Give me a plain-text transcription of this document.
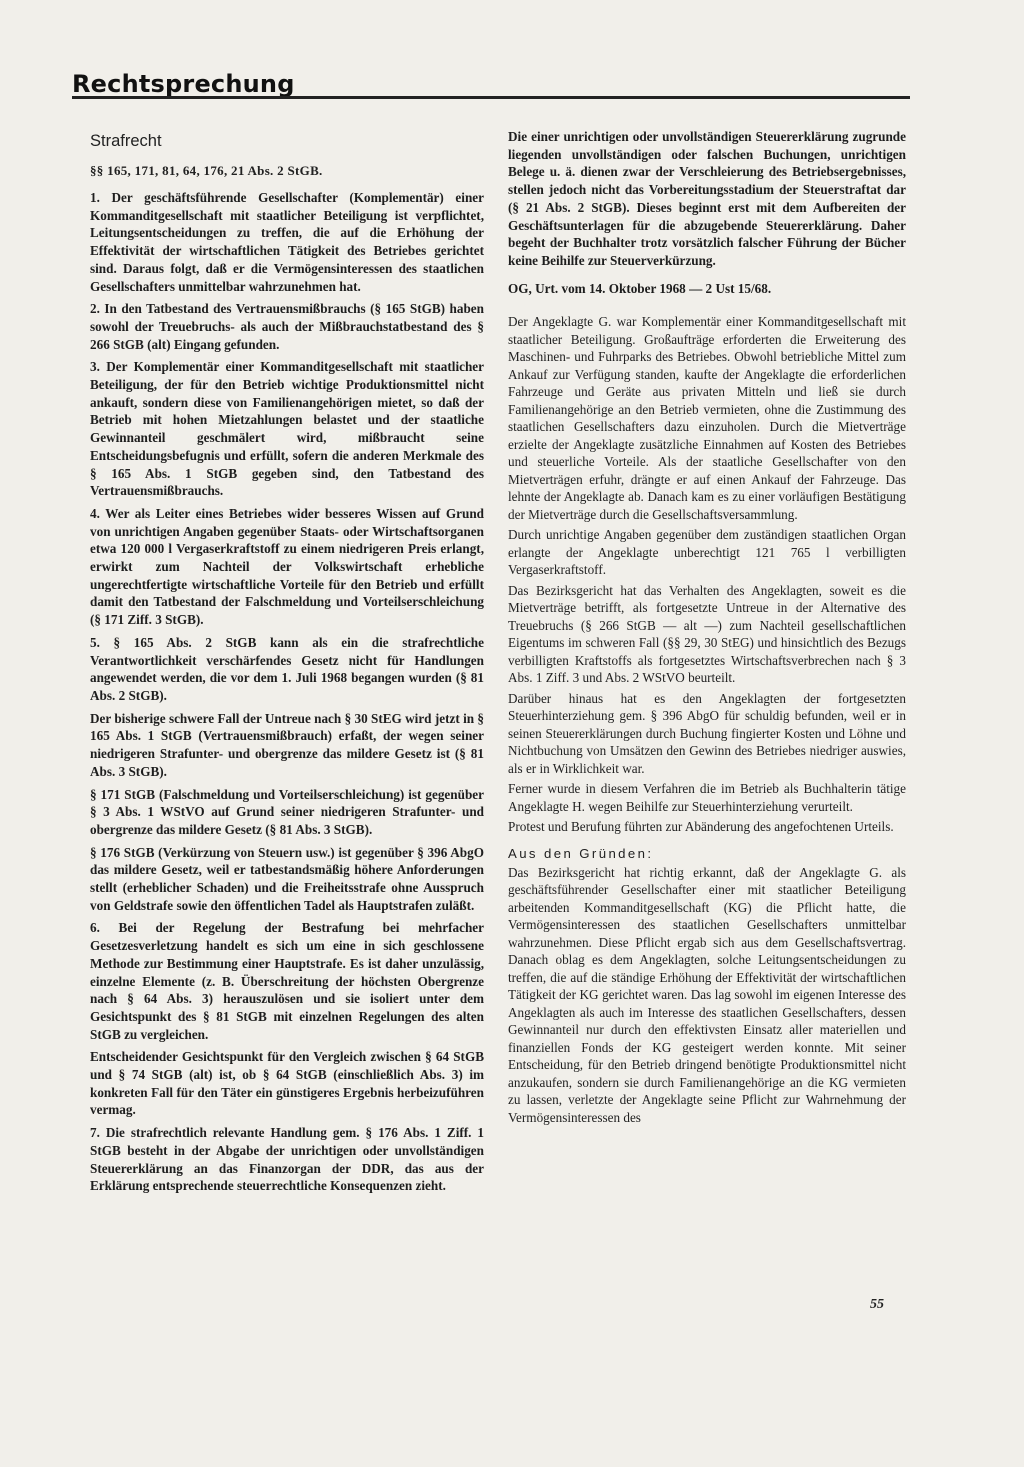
Rechtsprechung
Strafrecht

§§ 165, 171, 81, 64, 176, 21 Abs. 2 StGB.

1. Der geschäftsführende Gesellschafter (Komplementär) einer Kommanditgesellschaft mit staatlicher Beteiligung ist verpflichtet, Leitungsentscheidungen zu treffen, die auf die Erhöhung der Effektivität der wirtschaftlichen Tätigkeit des Betriebes gerichtet sind. Daraus folgt, daß er die Vermögensinteressen des staatlichen Gesellschafters unmittelbar wahrzunehmen hat.

2. In den Tatbestand des Vertrauensmißbrauchs (§ 165 StGB) haben sowohl der Treuebruchs- als auch der Mißbrauchstatbestand des § 266 StGB (alt) Eingang gefunden.

3. Der Komplementär einer Kommanditgesellschaft mit staatlicher Beteiligung, der für den Betrieb wichtige Produktionsmittel nicht ankauft, sondern diese von Familienangehörigen mietet, so daß der Betrieb mit hohen Mietzahlungen belastet und der staatliche Gewinnanteil geschmälert wird, mißbraucht seine Entscheidungsbefugnis und erfüllt, sofern die anderen Merkmale des § 165 Abs. 1 StGB gegeben sind, den Tatbestand des Vertrauensmißbrauchs.

4. Wer als Leiter eines Betriebes wider besseres Wissen auf Grund von unrichtigen Angaben gegenüber Staats- oder Wirtschaftsorganen etwa 120 000 l Vergaserkraftstoff zu einem niedrigeren Preis erlangt, erwirkt zum Nachteil der Volkswirtschaft erhebliche ungerechtfertigte wirtschaftliche Vorteile für den Betrieb und erfüllt damit den Tatbestand der Falschmeldung und Vorteilserschleichung (§ 171 Ziff. 3 StGB).

5. § 165 Abs. 2 StGB kann als ein die strafrechtliche Verantwortlichkeit verschärfendes Gesetz nicht für Handlungen angewendet werden, die vor dem 1. Juli 1968 begangen wurden (§ 81 Abs. 2 StGB).

Der bisherige schwere Fall der Untreue nach § 30 StEG wird jetzt in § 165 Abs. 1 StGB (Vertrauensmißbrauch) erfaßt, der wegen seiner niedrigeren Strafunter- und obergrenze das mildere Gesetz ist (§ 81 Abs. 3 StGB).

§ 171 StGB (Falschmeldung und Vorteilserschleichung) ist gegenüber § 3 Abs. 1 WStVO auf Grund seiner niedrigeren Strafunter- und obergrenze das mildere Gesetz (§ 81 Abs. 3 StGB).

§ 176 StGB (Verkürzung von Steuern usw.) ist gegenüber § 396 AbgO das mildere Gesetz, weil er tatbestandsmäßig höhere Anforderungen stellt (erheblicher Schaden) und die Freiheitsstrafe ohne Ausspruch von Geldstrafe sowie den öffentlichen Tadel als Hauptstrafen zuläßt.

6. Bei der Regelung der Bestrafung bei mehrfacher Gesetzesverletzung handelt es sich um eine in sich geschlossene Methode zur Bestimmung einer Hauptstrafe. Es ist daher unzulässig, einzelne Elemente (z. B. Überschreitung der höchsten Obergrenze nach § 64 Abs. 3) herauszulösen und sie isoliert unter dem Gesichtspunkt des § 81 StGB mit einzelnen Regelungen des alten StGB zu vergleichen.

Entscheidender Gesichtspunkt für den Vergleich zwischen § 64 StGB und § 74 StGB (alt) ist, ob § 64 StGB (einschließlich Abs. 3) im konkreten Fall für den Täter ein günstigeres Ergebnis herbeizuführen vermag.

7. Die strafrechtlich relevante Handlung gem. § 176 Abs. 1 Ziff. 1 StGB besteht in der Abgabe der unrichtigen oder unvollständigen Steuererklärung an das Finanzorgan der DDR, das aus der Erklärung entsprechende steuerrechtliche Konsequenzen zieht.

Die einer unrichtigen oder unvollständigen Steuererklärung zugrunde liegenden unvollständigen oder falschen Buchungen, unrichtigen Belege u. ä. dienen zwar der Verschleierung des Betriebsergebnisses, stellen jedoch nicht das Vorbereitungsstadium der Steuerstraftat dar (§ 21 Abs. 2 StGB). Dieses beginnt erst mit dem Aufbereiten der Geschäftsunterlagen für die abzugebende Steuererklärung. Daher begeht der Buchhalter trotz vorsätzlich falscher Führung der Bücher keine Beihilfe zur Steuerverkürzung.

OG, Urt. vom 14. Oktober 1968 — 2 Ust 15/68.

Der Angeklagte G. war Komplementär einer Kommanditgesellschaft mit staatlicher Beteiligung. Großaufträge erforderten die Erweiterung des Maschinen- und Fuhrparks des Betriebes. Obwohl betriebliche Mittel zum Ankauf zur Verfügung standen, kaufte der Angeklagte die erforderlichen Fahrzeuge und Geräte aus privaten Mitteln und ließ sie durch Familienangehörige an den Betrieb vermieten, ohne die Zustimmung des staatlichen Gesellschafters dazu einzuholen. Durch die Mietverträge erzielte der Angeklagte zusätzliche Einnahmen auf Kosten des Betriebes und steuerliche Vorteile. Als der staatliche Gesellschafter von den Mietverträgen erfuhr, drängte er auf einen Ankauf der Fahrzeuge. Das lehnte der Angeklagte ab. Danach kam es zu einer vorläufigen Bestätigung der Mietverträge durch die Gesellschaftsversammlung.

Durch unrichtige Angaben gegenüber dem zuständigen staatlichen Organ erlangte der Angeklagte unberechtigt 121 765 l verbilligten Vergaserkraftstoff.

Das Bezirksgericht hat das Verhalten des Angeklagten, soweit es die Mietverträge betrifft, als fortgesetzte Untreue in der Alternative des Treuebruchs (§ 266 StGB — alt —) zum Nachteil gesellschaftlichen Eigentums im schweren Fall (§§ 29, 30 StEG) und hinsichtlich des Bezugs verbilligten Kraftstoffs als fortgesetztes Wirtschaftsverbrechen nach § 3 Abs. 1 Ziff. 3 und Abs. 2 WStVO beurteilt.

Darüber hinaus hat es den Angeklagten der fortgesetzten Steuerhinterziehung gem. § 396 AbgO für schuldig befunden, weil er in seinen Steuererklärungen durch Buchung fingierter Kosten und Löhne und Nichtbuchung von Umsätzen den Gewinn des Betriebes niedriger auswies, als er in Wirklichkeit war.

Ferner wurde in diesem Verfahren die im Betrieb als Buchhalterin tätige Angeklagte H. wegen Beihilfe zur Steuerhinterziehung verurteilt.

Protest und Berufung führten zur Abänderung des angefochtenen Urteils.

Aus den Gründen:

Das Bezirksgericht hat richtig erkannt, daß der Angeklagte G. als geschäftsführender Gesellschafter einer mit staatlicher Beteiligung arbeitenden Kommanditgesellschaft (KG) die Pflicht hatte, die Vermögensinteressen des staatlichen Gesellschafters unmittelbar wahrzunehmen. Diese Pflicht ergab sich aus dem Gesellschaftsvertrag. Danach oblag es dem Angeklagten, solche Leitungsentscheidungen zu treffen, die auf die ständige Erhöhung der Effektivität der wirtschaftlichen Tätigkeit der KG gerichtet waren. Das lag sowohl im eigenen Interesse des Angeklagten als auch im Interesse des staatlichen Gesellschafters, dessen Gewinnanteil nur durch den effektivsten Einsatz aller materiellen und finanziellen Fonds der KG gesteigert werden konnte. Mit seiner Entscheidung, für den Betrieb dringend benötigte Produktionsmittel nicht anzukaufen, sondern sie durch Familienangehörige an die KG vermieten zu lassen, verletzte der Angeklagte seine Pflicht zur Wahrnehmung der Vermögensinteressen des

55
